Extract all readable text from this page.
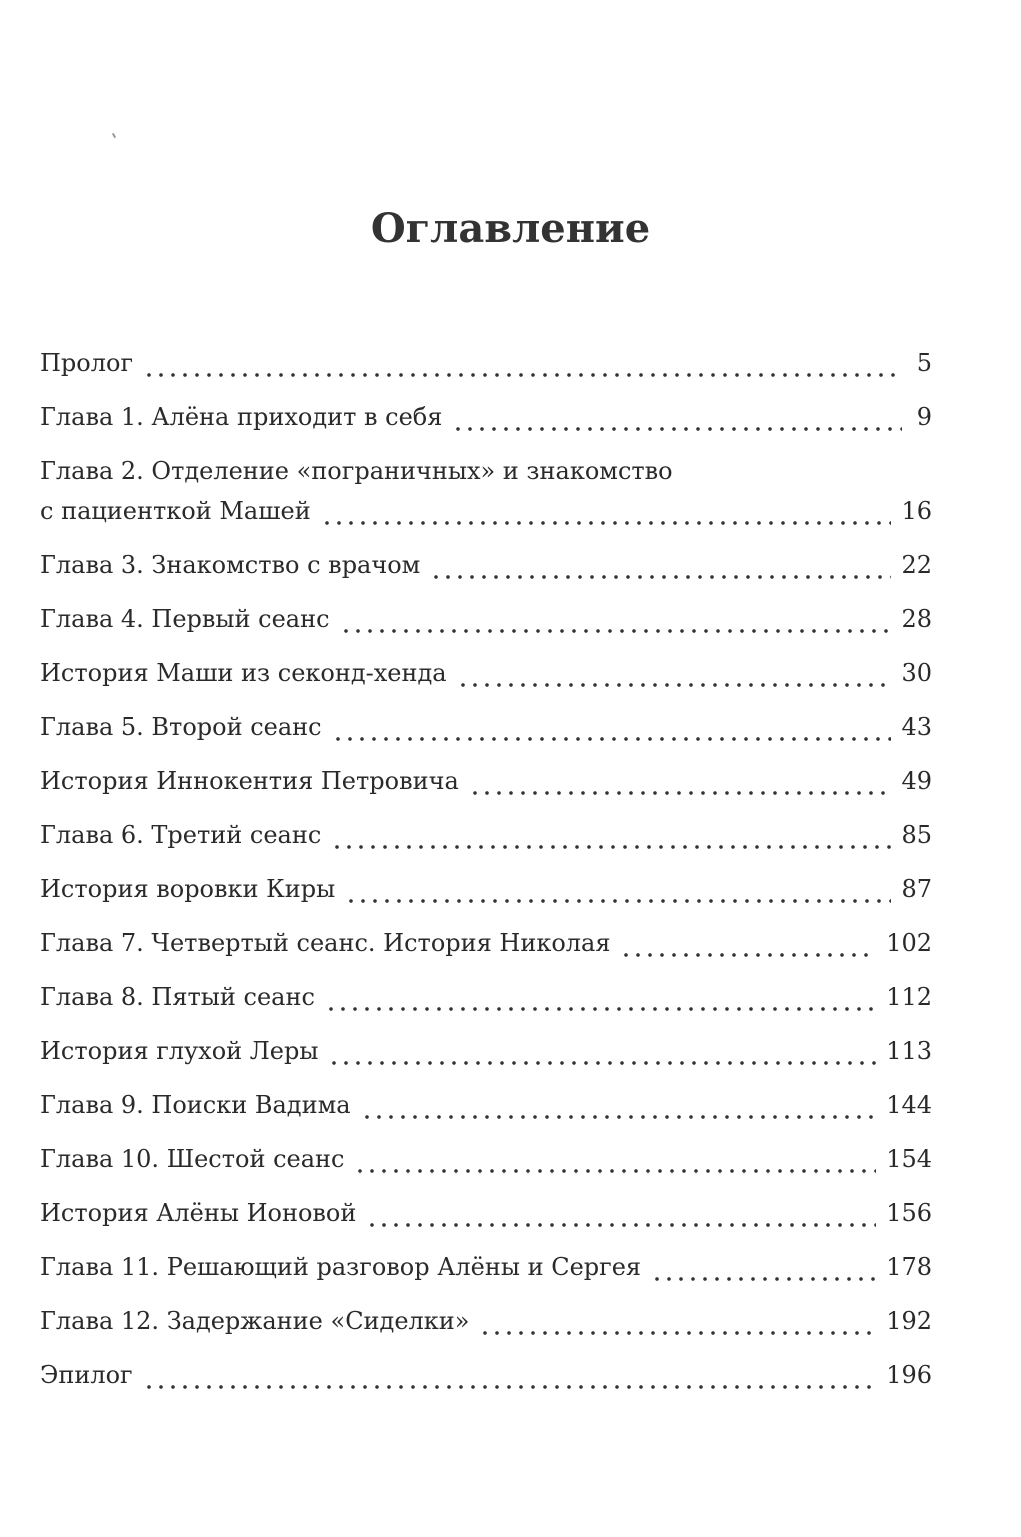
Оглавление
Пролог	5
Глава 1. Алёна приходит в себя	9
Глава 2. Отделение «пограничных» и знакомство
с пациенткой Машей	16
Глава 3. Знакомство с врачом	22
Глава 4. Первый сеанс	28
История Маши из секонд-хенда	30
Глава 5. Второй сеанс	43
История Иннокентия Петровича	49
Глава 6. Третий сеанс	85
История воровки Киры	87
Глава 7. Четвертый сеанс. История Николая	102
Глава 8. Пятый сеанс	112
История глухой Леры	113
Глава 9. Поиски Вадима	144
Глава 10. Шестой сеанс	154
История Алёны Ионовой	156
Глава 11. Решающий разговор Алёны и Сергея	178
Глава 12. Задержание «Сиделки»	192
Эпилог	196
